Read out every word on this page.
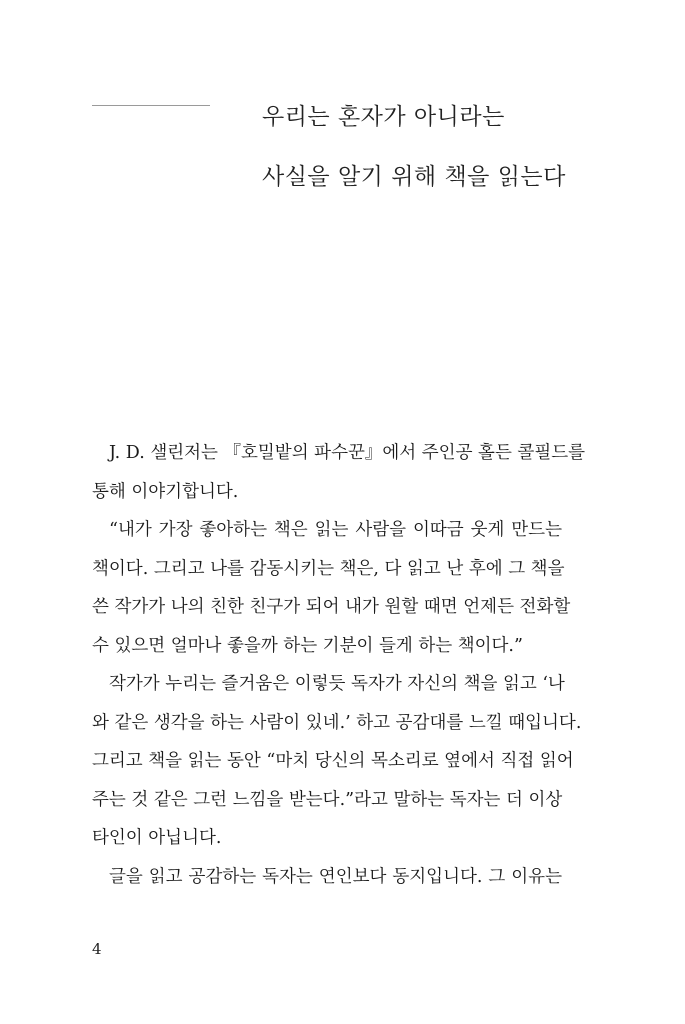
우리는 혼자가 아니라는
사실을 알기 위해 책을 읽는다
J. D. 샐린저는 『호밀밭의 파수꾼』에서 주인공 홀든 콜필드를
통해 이야기합니다.
“내가 가장 좋아하는 책은 읽는 사람을 이따금 웃게 만드는
책이다. 그리고 나를 감동시키는 책은, 다 읽고 난 후에 그 책을
쓴 작가가 나의 친한 친구가 되어 내가 원할 때면 언제든 전화할
수 있으면 얼마나 좋을까 하는 기분이 들게 하는 책이다.”
작가가 누리는 즐거움은 이렇듯 독자가 자신의 책을 읽고 ‘나
와 같은 생각을 하는 사람이 있네.’ 하고 공감대를 느낄 때입니다.
그리고 책을 읽는 동안 “마치 당신의 목소리로 옆에서 직접 읽어
주는 것 같은 그런 느낌을 받는다.”라고 말하는 독자는 더 이상
타인이 아닙니다.
글을 읽고 공감하는 독자는 연인보다 동지입니다. 그 이유는
4
